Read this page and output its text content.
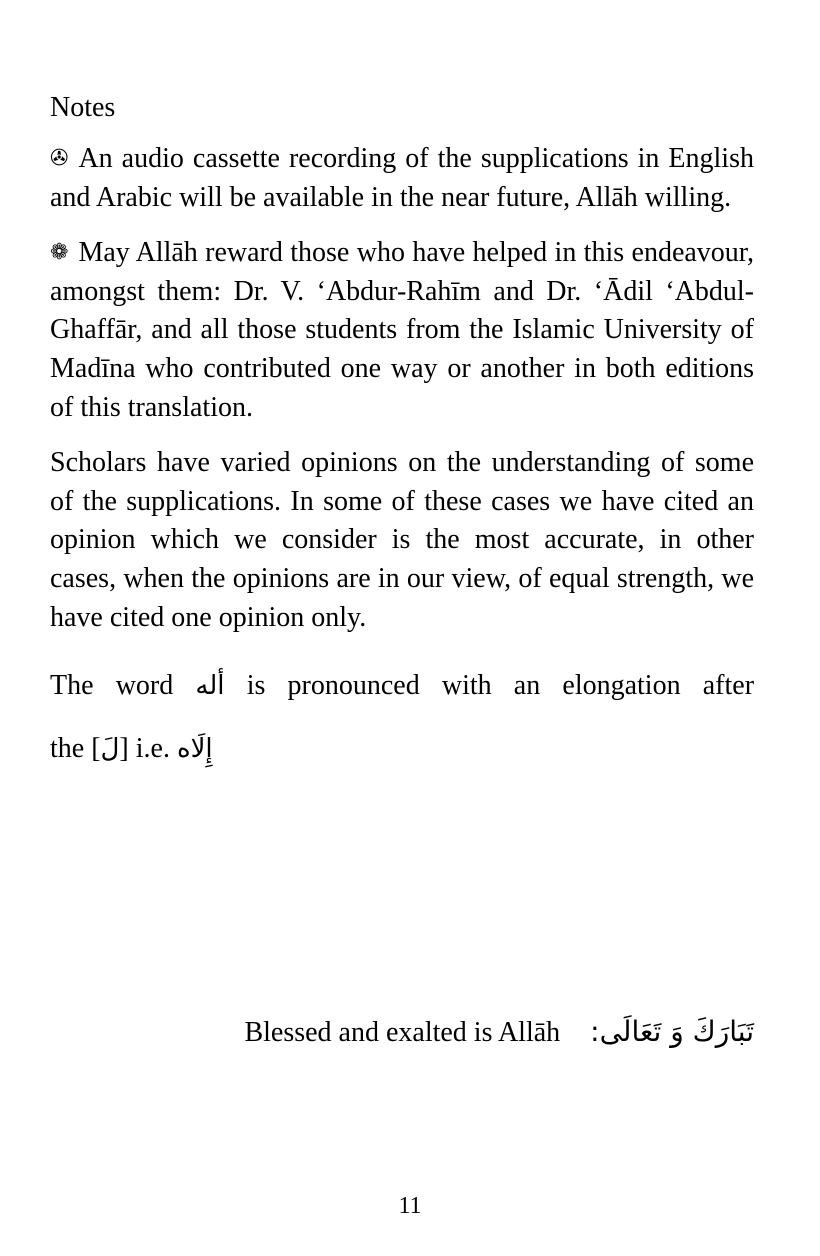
Notes

✇ An audio cassette recording of the supplications in English and Arabic will be available in the near future, Allāh willing.

❁ May Allāh reward those who have helped in this endeavour, amongst them: Dr. V. ‘Abdur-Rahīm and Dr. ‘Ādil ‘Abdul-Ghaffār, and all those students from the Islamic University of Madīna who contributed one way or another in both editions of this translation.

Scholars have varied opinions on the understanding of some of the supplications. In some of these cases we have cited an opinion which we consider is the most accurate, in other cases, when the opinions are in our view, of equal strength, we have cited one opinion only.

The word أله is pronounced with an elongation after
the [لَ] i.e. إِلَاه
Blessed and exalted is Allāh تَبَارَكَ وَ تَعَالَى:
11
